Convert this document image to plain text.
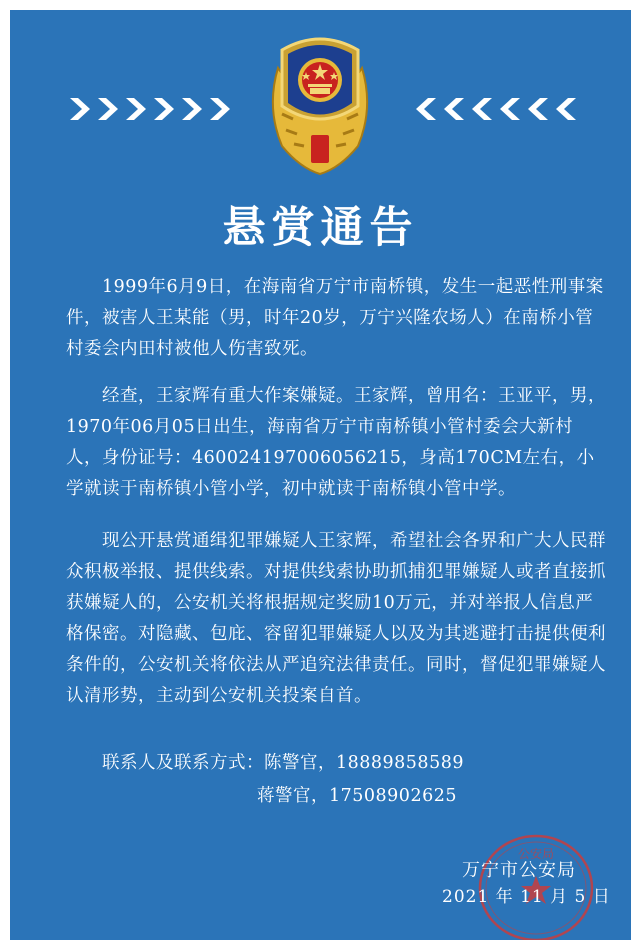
悬赏通告

1999年6月9日，在海南省万宁市南桥镇，发生一起恶性刑事案件，被害人王某能（男，时年20岁，万宁兴隆农场人）在南桥小管村委会内田村被他人伤害致死。

经查，王家辉有重大作案嫌疑。王家辉，曾用名：王亚平，男，1970年06月05日出生，海南省万宁市南桥镇小管村委会大新村人，身份证号：460024197006056215，身高170CM左右，小学就读于南桥镇小管小学，初中就读于南桥镇小管中学。

现公开悬赏通缉犯罪嫌疑人王家辉，希望社会各界和广大人民群众积极举报、提供线索。对提供线索协助抓捕犯罪嫌疑人或者直接抓获嫌疑人的，公安机关将根据规定奖励10万元，并对举报人信息严格保密。对隐藏、包庇、容留犯罪嫌疑人以及为其逃避打击提供便利条件的，公安机关将依法从严追究法律责任。同时，督促犯罪嫌疑人认清形势，主动到公安机关投案自首。

联系人及联系方式：陈警官，18889858589
蒋警官，17508902625
公安局
万宁市公安局
2021 年 11 月 5 日
